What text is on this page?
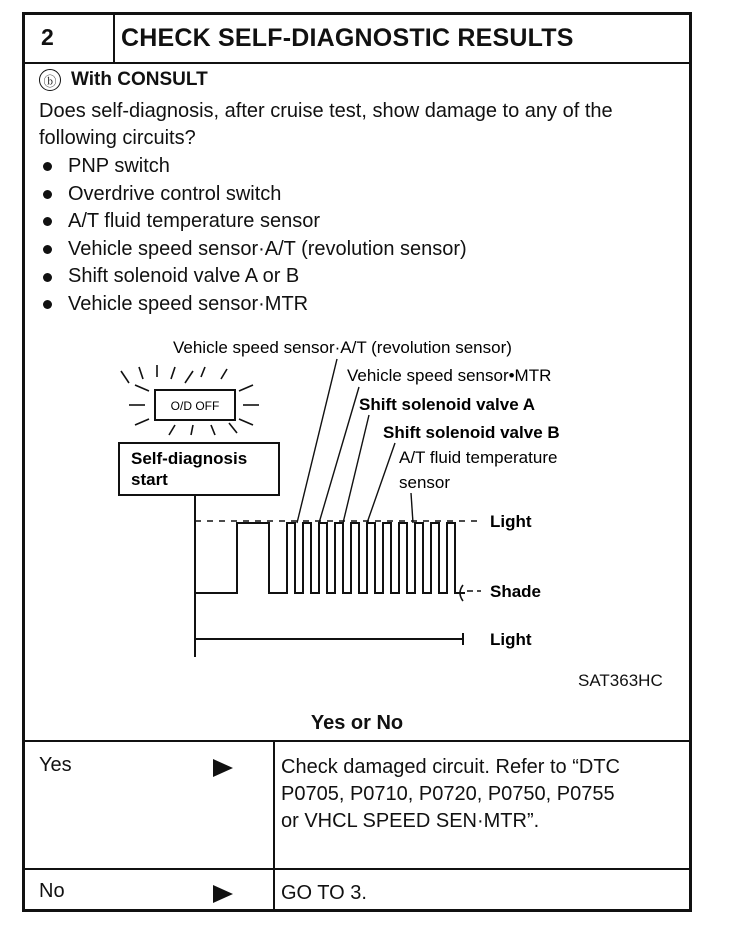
2	CHECK SELF-DIAGNOSTIC RESULTS
ⓑ With CONSULT
Does self-diagnosis, after cruise test, show damage to any of the following circuits?
PNP switch
Overdrive control switch
A/T fluid temperature sensor
Vehicle speed sensor·A/T (revolution sensor)
Shift solenoid valve A or B
Vehicle speed sensor·MTR
O/D OFF
Self-diagnosis
start
Vehicle speed sensor·A/T (revolution sensor)
Vehicle speed sensor•MTR
Shift solenoid valve A
Shift solenoid valve B
A/T fluid temperature
sensor
Light
Shade
Light
SAT363HC
Yes or No
Yes	Check damaged circuit. Refer to “DTC
P0705, P0710, P0720, P0750, P0755
or VHCL SPEED SEN·MTR”.
No	GO TO 3.
